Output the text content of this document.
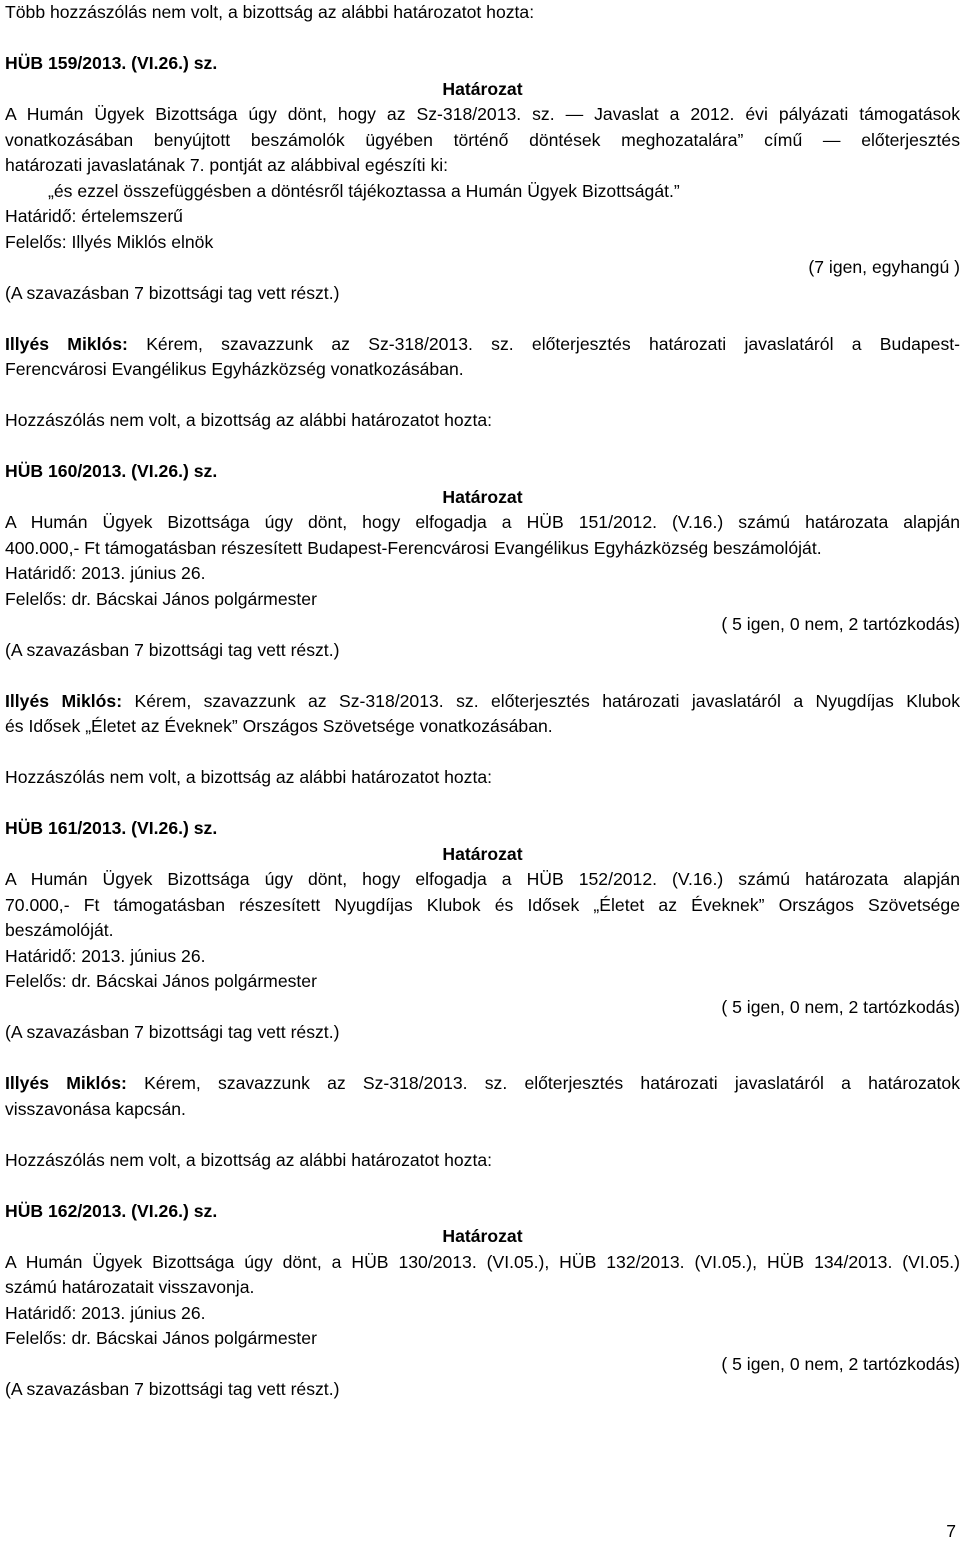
Több hozzászólás nem volt, a bizottság az alábbi határozatot hozta:

HÜB 159/2013. (VI.26.) sz.

Határozat

A Humán Ügyek Bizottsága úgy dönt, hogy az Sz-318/2013. sz. ― Javaslat a 2012. évi pályázati támogatások

vonatkozásában benyújtott beszámolók ügyében történő döntések meghozatalára” című ― előterjesztés

határozati javaslatának 7. pontját az alábbival egészíti ki:

„és ezzel összefüggésben a döntésről tájékoztassa a Humán Ügyek Bizottságát.”

Határidő: értelemszerű

Felelős: Illyés Miklós elnök

(7 igen, egyhangú )

(A szavazásban 7 bizottsági tag vett részt.)

Illyés Miklós: Kérem, szavazzunk az Sz-318/2013. sz. előterjesztés határozati javaslatáról a Budapest-

Ferencvárosi Evangélikus Egyházközség vonatkozásában.

Hozzászólás nem volt, a bizottság az alábbi határozatot hozta:

HÜB 160/2013. (VI.26.) sz.

Határozat

A Humán Ügyek Bizottsága úgy dönt, hogy elfogadja a HÜB 151/2012. (V.16.) számú határozata alapján

400.000,- Ft támogatásban részesített Budapest-Ferencvárosi Evangélikus Egyházközség beszámolóját.

Határidő: 2013. június 26.

Felelős: dr. Bácskai János polgármester

( 5 igen, 0 nem, 2 tartózkodás)

(A szavazásban 7 bizottsági tag vett részt.)

Illyés Miklós: Kérem, szavazzunk az Sz-318/2013. sz. előterjesztés határozati javaslatáról a Nyugdíjas Klubok

és Idősek „Életet az Éveknek” Országos Szövetsége vonatkozásában.

Hozzászólás nem volt, a bizottság az alábbi határozatot hozta:

HÜB 161/2013. (VI.26.) sz.

Határozat

A Humán Ügyek Bizottsága úgy dönt, hogy elfogadja a HÜB 152/2012. (V.16.) számú határozata alapján

70.000,- Ft támogatásban részesített Nyugdíjas Klubok és Idősek „Életet az Éveknek” Országos Szövetsége

beszámolóját.

Határidő: 2013. június 26.

Felelős: dr. Bácskai János polgármester

( 5 igen, 0 nem, 2 tartózkodás)

(A szavazásban 7 bizottsági tag vett részt.)

Illyés Miklós: Kérem, szavazzunk az Sz-318/2013. sz. előterjesztés határozati javaslatáról a határozatok

visszavonása kapcsán.

Hozzászólás nem volt, a bizottság az alábbi határozatot hozta:

HÜB 162/2013. (VI.26.) sz.

Határozat

A Humán Ügyek Bizottsága úgy dönt, a HÜB 130/2013. (VI.05.), HÜB 132/2013. (VI.05.), HÜB 134/2013. (VI.05.)

számú határozatait visszavonja.

Határidő: 2013. június 26.

Felelős: dr. Bácskai János polgármester

( 5 igen, 0 nem, 2 tartózkodás)

(A szavazásban 7 bizottsági tag vett részt.)

7
